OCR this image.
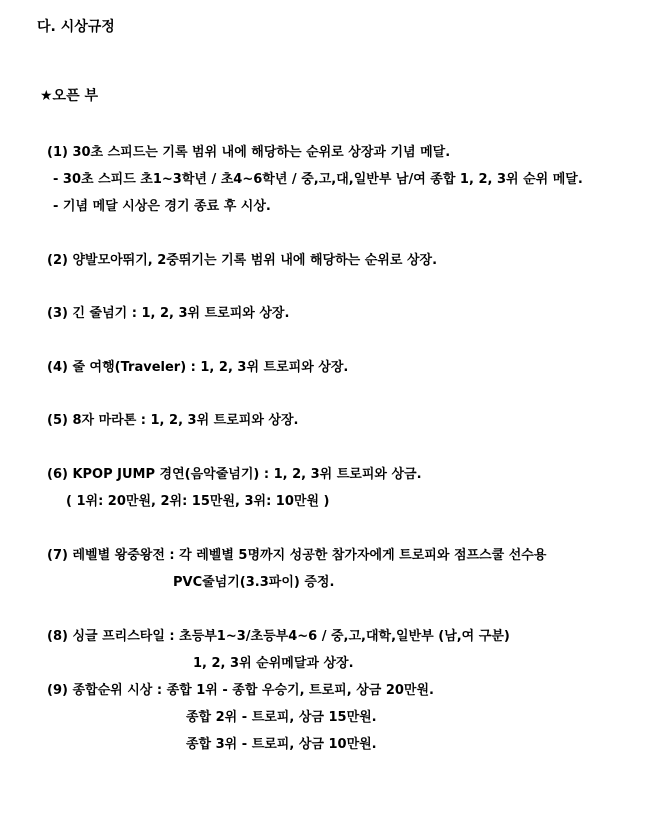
다. 시상규정
★오픈 부
(1) 30초 스피드는 기록 범위 내에 해당하는 순위로 상장과 기념 메달.
- 30초 스피드 초1~3학년 / 초4~6학년 / 중,고,대,일반부 남/여 종합 1, 2, 3위 순위 메달.
- 기념 메달 시상은 경기 종료 후 시상.
(2) 양발모아뛰기, 2중뛰기는 기록 범위 내에 해당하는 순위로 상장.
(3) 긴 줄넘기 : 1, 2, 3위 트로피와 상장.
(4) 줄 여행(Traveler) : 1, 2, 3위 트로피와 상장.
(5) 8자 마라톤 : 1, 2, 3위 트로피와 상장.
(6) KPOP JUMP 경연(음악줄넘기) : 1, 2, 3위 트로피와 상금.
( 1위: 20만원, 2위: 15만원, 3위: 10만원 )
(7) 레벨별 왕중왕전 : 각 레벨별 5명까지 성공한 참가자에게 트로피와 점프스쿨 선수용
PVC줄넘기(3.3파이) 증정.
(8) 싱글 프리스타일 : 초등부1~3/초등부4~6 / 중,고,대학,일반부 (남,여 구분)
1, 2, 3위 순위메달과 상장.
(9) 종합순위 시상 : 종합 1위 - 종합 우승기, 트로피, 상금 20만원.
종합 2위 - 트로피, 상금 15만원.
종합 3위 - 트로피, 상금 10만원.
